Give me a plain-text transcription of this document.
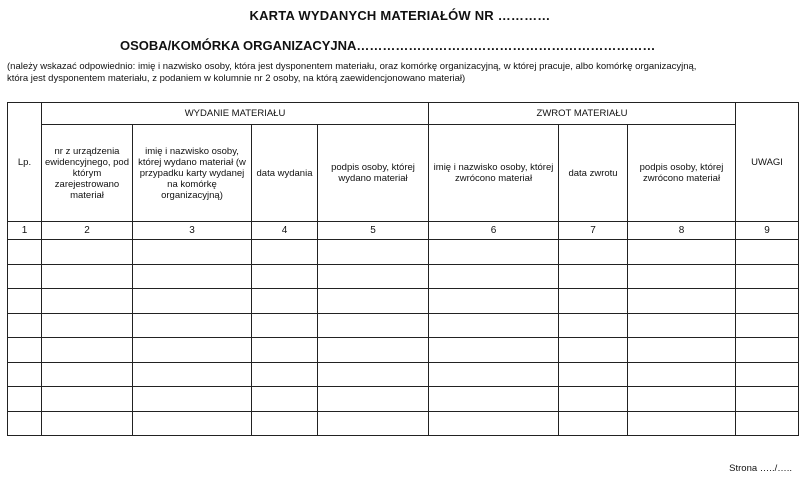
KARTA WYDANYCH MATERIAŁÓW NR …………
OSOBA/KOMÓRKA ORGANIZACYJNA……………………………………………………………
(należy wskazać odpowiednio: imię i nazwisko osoby, która jest dysponentem materiału, oraz komórkę organizacyjną, w której pracuje, albo komórkę organizacyjną,
która jest dysponentem materiału, z podaniem w kolumnie nr 2 osoby, na którą zaewidencjonowano materiał)
Lp.	WYDANIE MATERIAŁU				ZWROT MATERIAŁU			UWAGI
	nr z urządzenia ewidencyjnego, pod którym zarejestrowano materiał	imię i nazwisko osoby, której wydano materiał (w przypadku karty wydanej na komórkę organizacyjną)	data wydania	podpis osoby, której wydano materiał	imię i nazwisko osoby, której zwrócono materiał	data zwrotu	podpis osoby, której zwrócono materiał	
1	2	3	4	5	6	7	8	9

Strona …../…..
